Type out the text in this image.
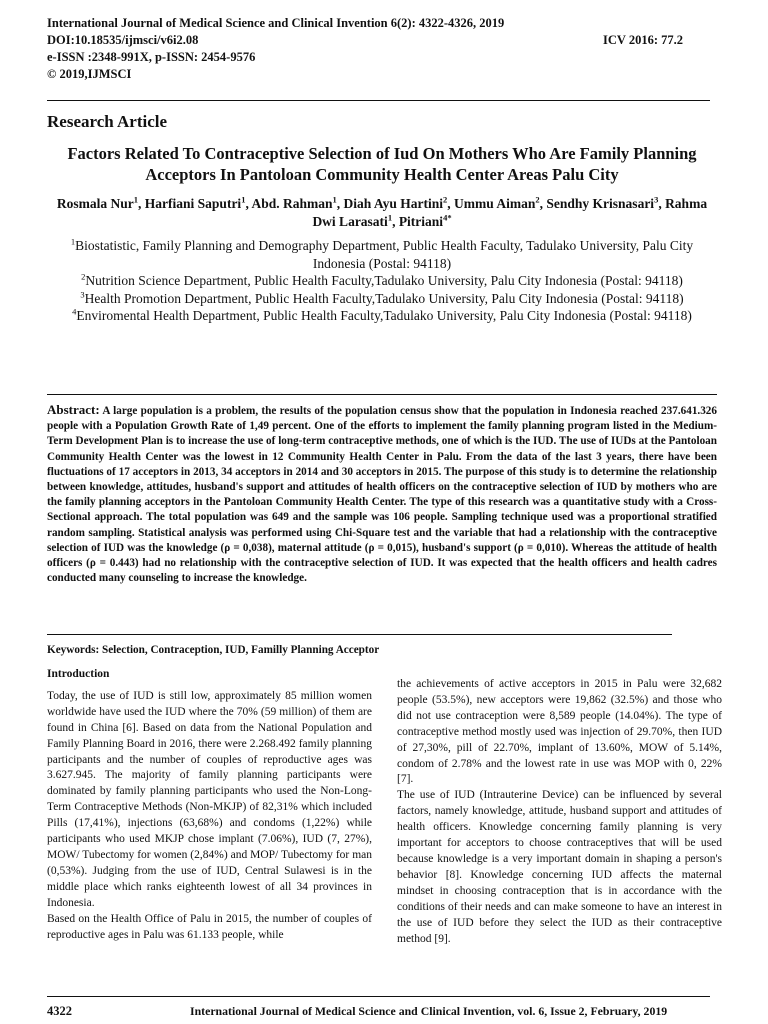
International Journal of Medical Science and Clinical Invention 6(2): 4322-4326, 2019
DOI:10.18535/ijmsci/v6i2.08
e-ISSN :2348-991X, p-ISSN: 2454-9576
© 2019,IJMSCI
ICV 2016: 77.2
Research Article
Factors Related To Contraceptive Selection of Iud On Mothers Who Are Family Planning Acceptors In Pantoloan Community Health Center Areas Palu City
Rosmala Nur$^1$, Harfiani Saputri$^1$, Abd. Rahman$^1$, Diah Ayu Hartini$^2$, Ummu Aiman$^2$, Sendhy Krisnasari$^3$, Rahma Dwi Larasati$^1$, Pitriani$^{4*}$

$^1$Biostatistic, Family Planning and Demography Department, Public Health Faculty, Tadulako University, Palu City Indonesia (Postal: 94118)

$^2$Nutrition Science Department, Public Health Faculty,Tadulako University, Palu City Indonesia (Postal: 94118)

$^3$Health Promotion Department, Public Health Faculty,Tadulako University, Palu City Indonesia (Postal: 94118)

$^4$Enviromental Health Department, Public Health Faculty,Tadulako University, Palu City Indonesia (Postal: 94118)

Abstract: A large population is a problem, the results of the population census show that the population in Indonesia reached 237.641.326 people with a Population Growth Rate of 1,49 percent. One of the efforts to implement the family planning program listed in the Medium-Term Development Plan is to increase the use of long-term contraceptive methods, one of which is the IUD. The use of IUDs at the Pantoloan Community Health Center was the lowest in 12 Community Health Center in Palu. From the data of the last 3 years, there have been fluctuations of 17 acceptors in 2013, 34 acceptors in 2014 and 30 acceptors in 2015. The purpose of this study is to determine the relationship between knowledge, attitudes, husband's support and attitudes of health officers on the contraceptive selection of IUD by mothers who are the family planning acceptors in the Pantoloan Community Health Center. The type of this research was a quantitative study with a Cross-Sectional approach. The total population was 649 and the sample was 106 people. Sampling technique used was a proportional stratified random sampling. Statistical analysis was performed using Chi-Square test and the variable that had a relationship with the contraceptive selection of IUD was the knowledge (ρ = 0,038), maternal attitude (ρ = 0,015), husband's support (ρ = 0,010). Whereas the attitude of health officers (ρ = 0.443) had no relationship with the contraceptive selection of IUD. It was expected that the health officers and health cadres conducted many counseling to increase the knowledge.
Keywords: Selection, Contraception, IUD, Familly Planning Acceptor

Introduction

Today, the use of IUD is still low, approximately 85 million women worldwide have used the IUD where the 70% (59 million) of them are found in China [6]. Based on data from the National Population and Family Planning Board in 2016, there were 2.268.492 family planning participants and the number of couples of reproductive ages was 3.627.945. The majority of family planning participants were dominated by family planning participants who used the Non-Long-Term Contraceptive Methods (Non-MKJP) of 82,31% which included Pills (17,41%), injections (63,68%) and condoms (1,22%) while participants who used MKJP chose implant (7.06%), IUD (7, 27%), MOW/ Tubectomy for women (2,84%) and MOP/ Tubectomy for man (0,53%). Judging from the use of IUD, Central Sulawesi is in the middle place which ranks eighteenth lowest of all 34 provinces in Indonesia.

Based on the Health Office of Palu in 2015, the number of couples of reproductive ages in Palu was 61.133 people, while

the achievements of active acceptors in 2015 in Palu were 32,682 people (53.5%), new acceptors were 19,862 (32.5%) and those who did not use contraception were 8,589 people (14.04%). The type of contraceptive method mostly used was injection of 29.70%, then IUD of 27,30%, pill of 22.70%, implant of 13.60%, MOW of 5.14%, condom of 2.78% and the lowest rate in use was MOP with 0, 22% [7].

The use of IUD (Intrauterine Device) can be influenced by several factors, namely knowledge, attitude, husband support and attitudes of health officers. Knowledge concerning family planning is very important for acceptors to choose contraceptives that will be used because knowledge is a very important domain in shaping a person's behavior [8]. Knowledge concerning IUD affects the maternal mindset in choosing contraception that is in accordance with the conditions of their needs and can make someone to have an interest in the use of IUD before they select the IUD as their contraceptive method [9].

4322	International Journal of Medical Science and Clinical Invention, vol. 6, Issue 2, February, 2019
